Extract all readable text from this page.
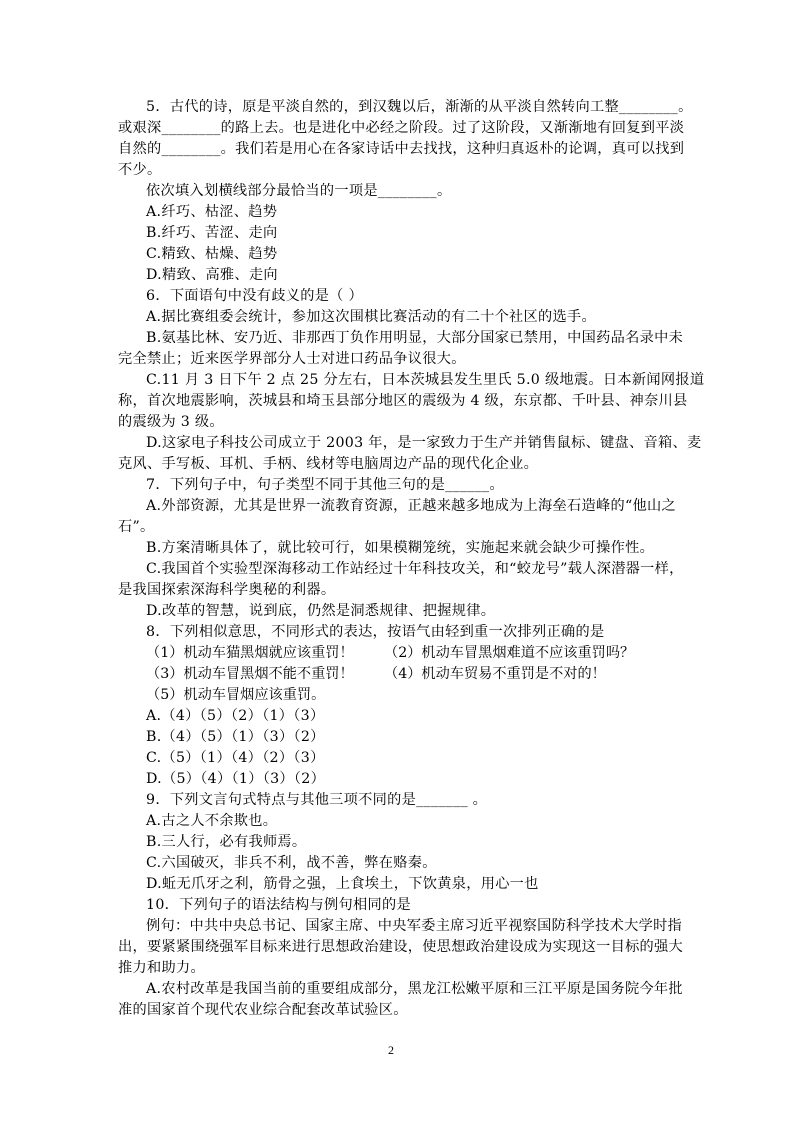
5．古代的诗，原是平淡自然的，到汉魏以后，渐渐的从平淡自然转向工整________。
或艰深________的路上去。也是进化中必经之阶段。过了这阶段，又渐渐地有回复到平淡
自然的________。我们若是用心在各家诗话中去找找，这种归真返朴的论调，真可以找到
不少。
依次填入划横线部分最恰当的一项是________。
A.纤巧、枯涩、趋势
B.纤巧、苦涩、走向
C.精致、枯燥、趋势
D.精致、高雅、走向
6．下面语句中没有歧义的是（ ）
A.据比赛组委会统计，参加这次围棋比赛活动的有二十个社区的选手。
B.氨基比林、安乃近、非那西丁负作用明显，大部分国家已禁用，中国药品名录中未
完全禁止；近来医学界部分人士对进口药品争议很大。
C.11 月 3 日下午 2 点 25 分左右，日本茨城县发生里氏 5.0 级地震。日本新闻网报道
称，首次地震影响，茨城县和埼玉县部分地区的震级为 4 级，东京都、千叶县、神奈川县
的震级为 3 级。
D.这家电子科技公司成立于 2003 年，是一家致力于生产并销售鼠标、键盘、音箱、麦
克风、手写板、耳机、手柄、线材等电脑周边产品的现代化企业。
7．下列句子中，句子类型不同于其他三句的是______。
A.外部资源，尤其是世界一流教育资源，正越来越多地成为上海垒石造峰的“他山之
石”。
B.方案清晰具体了，就比较可行，如果模糊笼统，实施起来就会缺少可操作性。
C.我国首个实验型深海移动工作站经过十年科技攻关，和“蛟龙号”载人深潜器一样，
是我国探索深海科学奥秘的利器。
D.改革的智慧，说到底，仍然是洞悉规律、把握规律。
8．下列相似意思，不同形式的表达，按语气由轻到重一次排列正确的是
（1）机动车猫黑烟就应该重罚！ （2）机动车冒黑烟难道不应该重罚吗？
（3）机动车冒黑烟不能不重罚！ （4）机动车贸易不重罚是不对的！
（5）机动车冒烟应该重罚。
A.（4）（5）（2）（1）（3）
B.（4）（5）（1）（3）（2）
C.（5）（1）（4）（2）（3）
D.（5）（4）（1）（3）（2）
9．下列文言句式特点与其他三项不同的是_______ 。
A.古之人不余欺也。
B.三人行，必有我师焉。
C.六国破灭，非兵不利，战不善，弊在赂秦。
D.蚯无爪牙之利，筋骨之强，上食埃土，下饮黄泉，用心一也
10．下列句子的语法结构与例句相同的是
例句：中共中央总书记、国家主席、中央军委主席习近平视察国防科学技术大学时指
出，要紧紧围绕强军目标来进行思想政治建设，使思想政治建设成为实现这一目标的强大
推力和助力。
A.农村改革是我国当前的重要组成部分，黑龙江松嫩平原和三江平原是国务院今年批
准的国家首个现代农业综合配套改革试验区。
2
